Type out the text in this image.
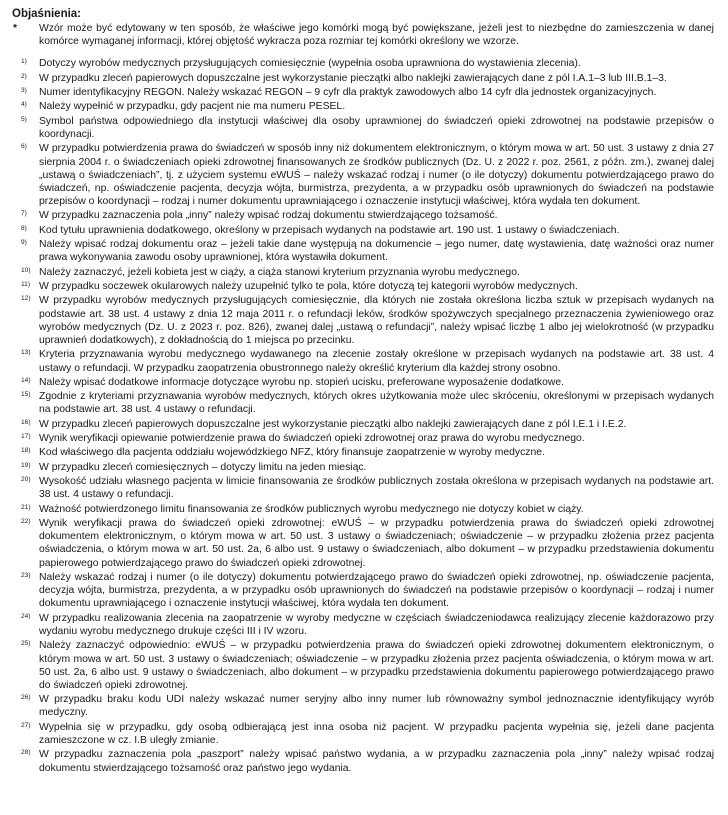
Objaśnienia:
*	Wzór może być edytowany w ten sposób, że właściwe jego komórki mogą być powiększane, jeżeli jest to niezbędne do zamieszczenia w danej komórce wymaganej informacji, której objętość wykracza poza rozmiar tej komórki określony we wzorze.
1)	Dotyczy wyrobów medycznych przysługujących comiesięcznie (wypełnia osoba uprawniona do wystawienia zlecenia).
2)	W przypadku zleceń papierowych dopuszczalne jest wykorzystanie pieczątki albo naklejki zawierających dane z pól I.A.1–3 lub III.B.1–3.
3)	Numer identyfikacyjny REGON. Należy wskazać REGON – 9 cyfr dla praktyk zawodowych albo 14 cyfr dla jednostek organizacyjnych.
4)	Należy wypełnić w przypadku, gdy pacjent nie ma numeru PESEL.
5)	Symbol państwa odpowiedniego dla instytucji właściwej dla osoby uprawnionej do świadczeń opieki zdrowotnej na podstawie przepisów o koordynacji.
6)	W przypadku potwierdzenia prawa do świadczeń w sposób inny niż dokumentem elektronicznym, o którym mowa w art. 50 ust. 3 ustawy z dnia 27 sierpnia 2004 r. o świadczeniach opieki zdrowotnej finansowanych ze środków publicznych (Dz. U. z 2022 r. poz. 2561, z późn. zm.), zwanej dalej „ustawą o świadczeniach”, tj. z użyciem systemu eWUŚ – należy wskazać rodzaj i numer (o ile dotyczy) dokumentu potwierdzającego prawo do świadczeń, np. oświadczenie pacjenta, decyzja wójta, burmistrza, prezydenta, a w przypadku osób uprawnionych do świadczeń na podstawie przepisów o koordynacji – rodzaj i numer dokumentu uprawniającego i oznaczenie instytucji właściwej, która wydała ten dokument.
7)	W przypadku zaznaczenia pola „inny” należy wpisać rodzaj dokumentu stwierdzającego tożsamość.
8)	Kod tytułu uprawnienia dodatkowego, określony w przepisach wydanych na podstawie art. 190 ust. 1 ustawy o świadczeniach.
9)	Należy wpisać rodzaj dokumentu oraz – jeżeli takie dane występują na dokumencie – jego numer, datę wystawienia, datę ważności oraz numer prawa wykonywania zawodu osoby uprawnionej, która wystawiła dokument.
10) Należy zaznaczyć, jeżeli kobieta jest w ciąży, a ciąża stanowi kryterium przyznania wyrobu medycznego.
11) W przypadku soczewek okularowych należy uzupełnić tylko te pola, które dotyczą tej kategorii wyrobów medycznych.
12) W przypadku wyrobów medycznych przysługujących comiesięcznie, dla których nie została określona liczba sztuk w przepisach wydanych na podstawie art. 38 ust. 4 ustawy z dnia 12 maja 2011 r. o refundacji leków, środków spożywczych specjalnego przeznaczenia żywieniowego oraz wyrobów medycznych (Dz. U. z 2023 r. poz. 826), zwanej dalej „ustawą o refundacji”, należy wpisać liczbę 1 albo jej wielokrotność (w przypadku uprawnień dodatkowych), z dokładnością do 1 miejsca po przecinku.
13) Kryteria przyznawania wyrobu medycznego wydawanego na zlecenie zostały określone w przepisach wydanych na podstawie art. 38 ust. 4 ustawy o refundacji. W przypadku zaopatrzenia obustronnego należy określić kryterium dla każdej strony osobno.
14) Należy wpisać dodatkowe informacje dotyczące wyrobu np. stopień ucisku, preferowane wyposażenie dodatkowe.
15) Zgodnie z kryteriami przyznawania wyrobów medycznych, których okres użytkowania może ulec skróceniu, określonymi w przepisach wydanych na podstawie art. 38 ust. 4 ustawy o refundacji.
16) W przypadku zleceń papierowych dopuszczalne jest wykorzystanie pieczątki albo naklejki zawierających dane z pól I.E.1 i I.E.2.
17) Wynik weryfikacji opiewanie potwierdzenie prawa do świadczeń opieki zdrowotnej oraz prawa do wyrobu medycznego.
18) Kod właściwego dla pacjenta oddziału wojewódzkiego NFZ, który finansuje zaopatrzenie w wyroby medyczne.
19) W przypadku zleceń comiesięcznych – dotyczy limitu na jeden miesiąc.
20) Wysokość udziału własnego pacjenta w limicie finansowania ze środków publicznych została określona w przepisach wydanych na podstawie art. 38 ust. 4 ustawy o refundacji.
21) Ważność potwierdzonego limitu finansowania ze środków publicznych wyrobu medycznego nie dotyczy kobiet w ciąży.
22) Wynik weryfikacji prawa do świadczeń opieki zdrowotnej: eWUŚ – w przypadku potwierdzenia prawa do świadczeń opieki zdrowotnej dokumentem elektronicznym, o którym mowa w art. 50 ust. 3 ustawy o świadczeniach; oświadczenie – w przypadku złożenia przez pacjenta oświadczenia, o którym mowa w art. 50 ust. 2a, 6 albo ust. 9 ustawy o świadczeniach, albo dokument – w przypadku przedstawienia dokumentu papierowego potwierdzającego prawo do świadczeń opieki zdrowotnej.
23) Należy wskazać rodzaj i numer (o ile dotyczy) dokumentu potwierdzającego prawo do świadczeń opieki zdrowotnej, np. oświadczenie pacjenta, decyzja wójta, burmistrza, prezydenta, a w przypadku osób uprawnionych do świadczeń na podstawie przepisów o koordynacji – rodzaj i numer dokumentu uprawniającego i oznaczenie instytucji właściwej, która wydała ten dokument.
24) W przypadku realizowania zlecenia na zaopatrzenie w wyroby medyczne w częściach świadczeniodawca realizujący zlecenie każdorazowo przy wydaniu wyrobu medycznego drukuje części III i IV wzoru.
25) Należy zaznaczyć odpowiednio: eWUŚ – w przypadku potwierdzenia prawa do świadczeń opieki zdrowotnej dokumentem elektronicznym, o którym mowa w art. 50 ust. 3 ustawy o świadczeniach; oświadczenie – w przypadku złożenia przez pacjenta oświadczenia, o którym mowa w art. 50 ust. 2a, 6 albo ust. 9 ustawy o świadczeniach, albo dokument – w przypadku przedstawienia dokumentu papierowego potwierdzającego prawo do świadczeń opieki zdrowotnej.
26) W przypadku braku kodu UDI należy wskazać numer seryjny albo inny numer lub równoważny symbol jednoznacznie identyfikujący wyrób medyczny.
27) Wypełnia się w przypadku, gdy osobą odbierającą jest inna osoba niż pacjent. W przypadku pacjenta wypełnia się, jeżeli dane pacjenta zamieszczone w cz. I.B uległy zmianie.
28) W przypadku zaznaczenia pola „paszport” należy wpisać państwo wydania, a w przypadku zaznaczenia pola „inny” należy wpisać rodzaj dokumentu stwierdzającego tożsamość oraz państwo jego wydania.
